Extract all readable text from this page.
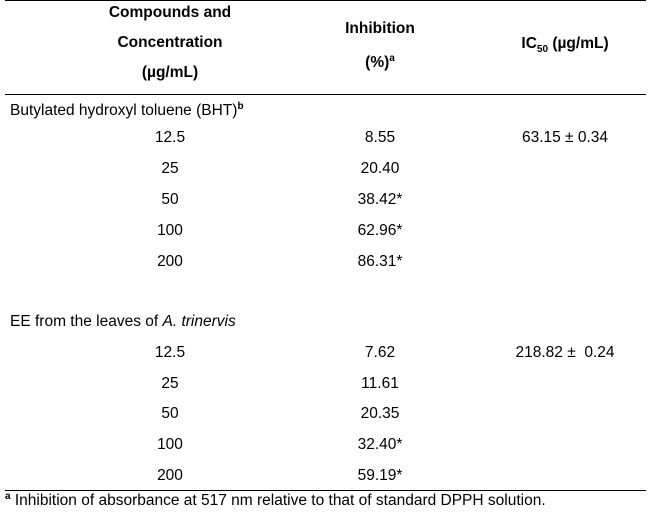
Compounds and
Concentration
(µg/mL)
Inhibition
(%)$^a$
$IC_{50}$ (µg/mL)
Butylated hydroxyl toluene (BHT)$^b$
12.5	8.55	63.15 ± 0.34
25	20.40
50	38.42*
100	62.96*
200	86.31*
EE from the leaves of A. trinervis
12.5	7.62	218.82 ±  0.24
25	11.61
50	20.35
100	32.40*
200	59.19*
$^a$ Inhibition of absorbance at 517 nm relative to that of standard DPPH solution.
